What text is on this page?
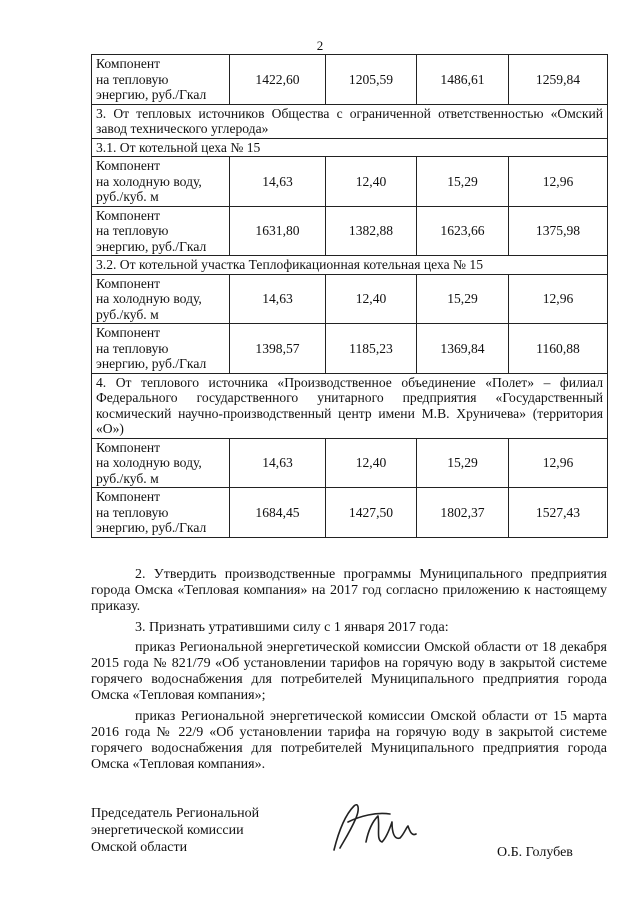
2
Компонент
на тепловую
энергию, руб./Гкал	1422,60	1205,59	1486,61	1259,84
3. От тепловых источников Общества с ограниченной ответственностью «Омский завод технического углерода»				
3.1. От котельной цеха № 15				

Компонент
на холодную воду,
руб./куб. м	14,63	12,40	15,29	12,96

Компонент
на тепловую
энергию, руб./Гкал	1631,80	1382,88	1623,66	1375,98
3.2. От котельной участка Теплофикационная котельная цеха № 15				

Компонент
на холодную воду,
руб./куб. м	14,63	12,40	15,29	12,96

Компонент
на тепловую
энергию, руб./Гкал	1398,57	1185,23	1369,84	1160,88
4. От теплового источника «Производственное объединение «Полет» – филиал Федерального государственного унитарного предприятия «Государственный космический научно-производственный центр имени М.В. Хруничева» (территория «О»)				

Компонент
на холодную воду,
руб./куб. м	14,63	12,40	15,29	12,96

Компонент
на тепловую
энергию, руб./Гкал	1684,45	1427,50	1802,37	1527,43

2. Утвердить производственные программы Муниципального предприятия города Омска «Тепловая компания» на 2017 год согласно приложению к настоящему приказу.

3. Признать утратившими силу с 1 января 2017 года:

приказ Региональной энергетической комиссии Омской области от 18 декабря 2015 года № 821/79 «Об установлении тарифов на горячую воду в закрытой системе горячего водоснабжения для потребителей Муниципального предприятия города Омска «Тепловая компания»;

приказ Региональной энергетической комиссии Омской области от 15 марта 2016 года № 22/9 «Об установлении тарифа на горячую воду в закрытой системе горячего водоснабжения для потребителей Муниципального предприятия города Омска «Тепловая компания».

Председатель Региональной
энергетической комиссии
Омской области	О.Б. Голубев
